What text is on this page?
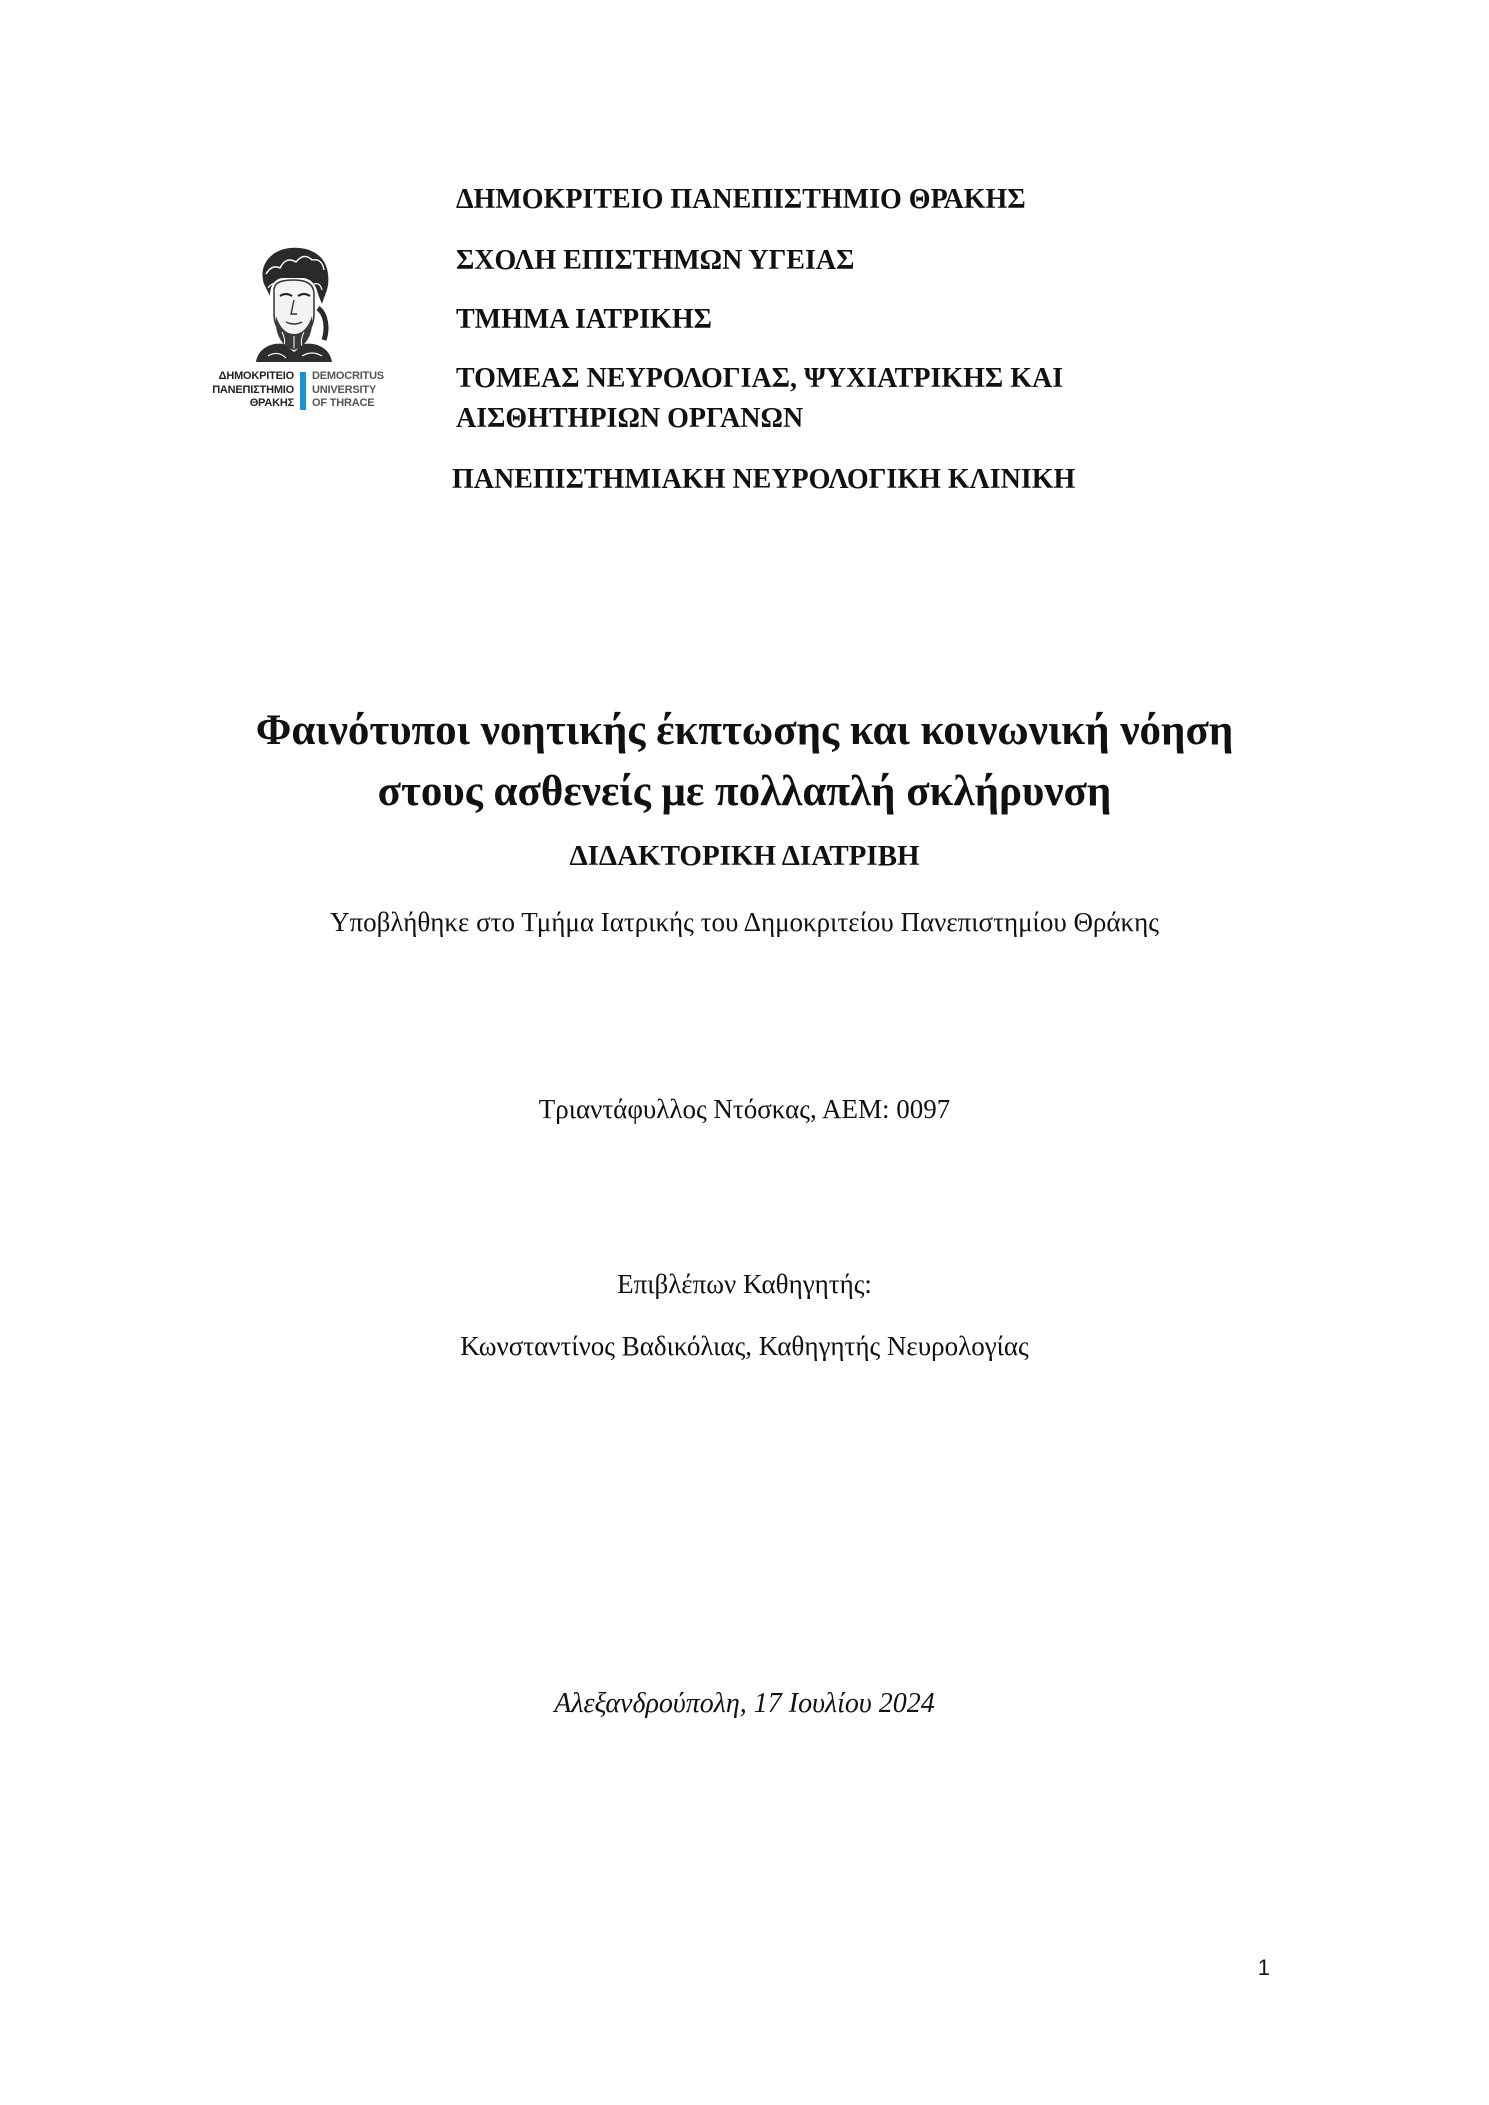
ΔΗΜΟΚΡΙΤΕΙΟ
ΠΑΝΕΠΙΣΤΗΜΙΟ
ΘΡΑΚΗΣ
DEMOCRITUS
UNIVERSITY
OF THRACE
ΔΗΜΟΚΡΙΤΕΙΟ ΠΑΝΕΠΙΣΤΗΜΙΟ ΘΡΑΚΗΣ
ΣΧΟΛΗ ΕΠΙΣΤΗΜΩΝ ΥΓΕΙΑΣ
ΤΜΗΜΑ ΙΑΤΡΙΚΗΣ
ΤΟΜΕΑΣ ΝΕΥΡΟΛΟΓΙΑΣ, ΨΥΧΙΑΤΡΙΚΗΣ ΚΑΙ
ΑΙΣΘΗΤΗΡΙΩΝ ΟΡΓΑΝΩΝ
ΠΑΝΕΠΙΣΤΗΜΙΑΚΗ ΝΕΥΡΟΛΟΓΙΚΗ ΚΛΙΝΙΚΗ
Φαινότυποι νοητικής έκπτωσης και κοινωνική νόηση
στους ασθενείς με πολλαπλή σκλήρυνση
ΔΙΔΑΚΤΟΡΙΚΗ ΔΙΑΤΡΙΒΗ
Υποβλήθηκε στο Τμήμα Ιατρικής του Δημοκριτείου Πανεπιστημίου Θράκης
Τριαντάφυλλος Ντόσκας, ΑΕΜ: 0097
Επιβλέπων Καθηγητής:
Κωνσταντίνος Βαδικόλιας, Καθηγητής Νευρολογίας
Αλεξανδρούπολη, 17 Ιουλίου 2024
1
